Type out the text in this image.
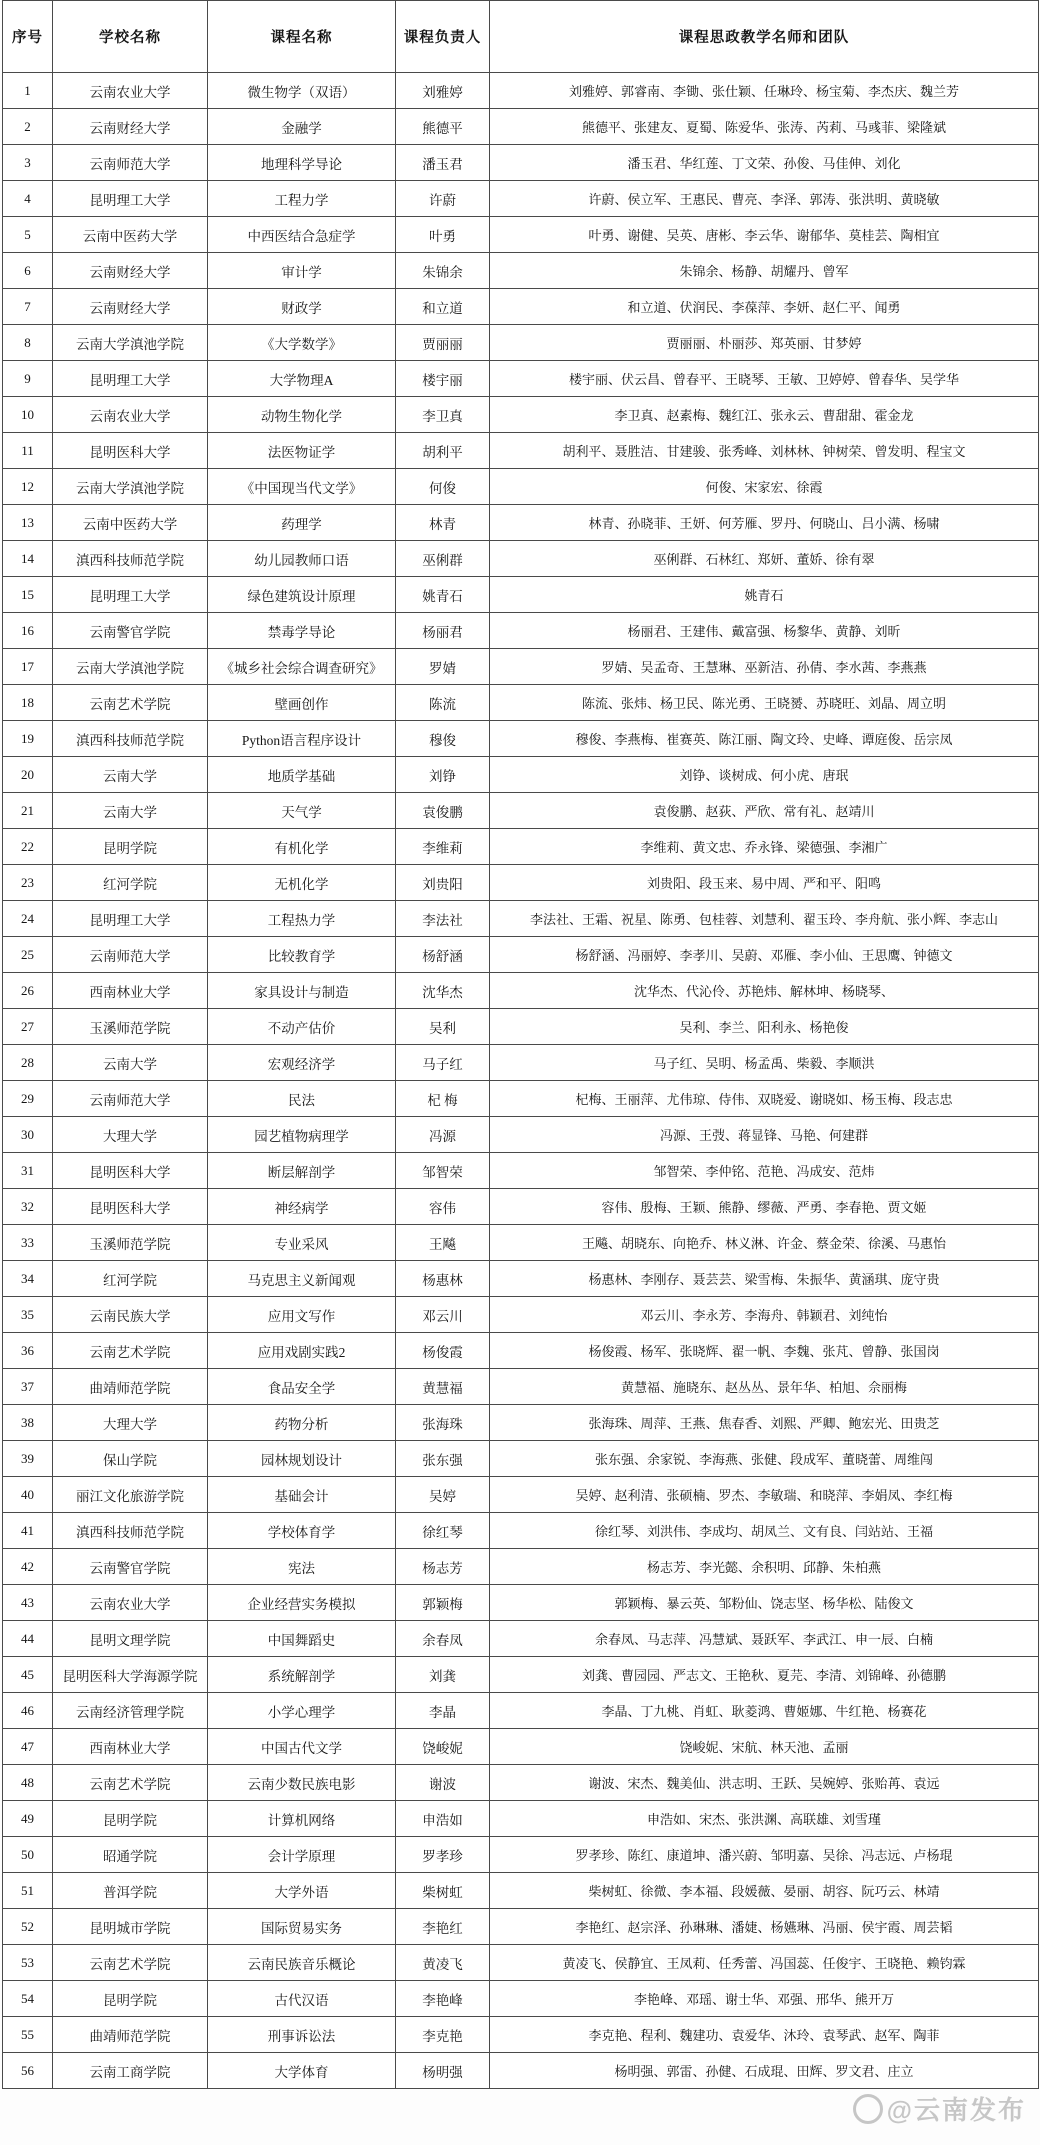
序号	学校名称	课程名称	课程负责人	课程思政教学名师和团队
1	云南农业大学	微生物学（双语）	刘雅婷	刘雅婷、郭睿南、李锄、张仕颖、任琳玲、杨宝菊、李杰庆、魏兰芳
2	云南财经大学	金融学	熊德平	熊德平、张建友、夏蜀、陈爱华、张涛、芮莉、马彧菲、梁隆斌
3	云南师范大学	地理科学导论	潘玉君	潘玉君、华红莲、丁文荣、孙俊、马佳伸、刘化
4	昆明理工大学	工程力学	许蔚	许蔚、侯立军、王惠民、曹亮、李泽、郭涛、张洪明、黄晓敏
5	云南中医药大学	中西医结合急症学	叶勇	叶勇、谢健、吴英、唐彬、李云华、谢郁华、莫桂芸、陶相宜
6	云南财经大学	审计学	朱锦余	朱锦余、杨静、胡耀丹、曾军
7	云南财经大学	财政学	和立道	和立道、伏润民、李葆萍、李妍、赵仁平、闻勇
8	云南大学滇池学院	《大学数学》	贾丽丽	贾丽丽、朴丽莎、郑英丽、甘梦婷
9	昆明理工大学	大学物理A	楼宇丽	楼宇丽、伏云昌、曾春平、王晓琴、王敏、卫婷婷、曾春华、吴学华
10	云南农业大学	动物生物化学	李卫真	李卫真、赵素梅、魏红江、张永云、曹甜甜、霍金龙
11	昆明医科大学	法医物证学	胡利平	胡利平、聂胜洁、甘建骏、张秀峰、刘林林、钟树荣、曾发明、程宝文
12	云南大学滇池学院	《中国现当代文学》	何俊	何俊、宋家宏、徐霞
13	云南中医药大学	药理学	林青	林青、孙晓菲、王妍、何芳雁、罗丹、何晓山、吕小满、杨啸
14	滇西科技师范学院	幼儿园教师口语	巫俐群	巫俐群、石林红、郑妍、董娇、徐有翠
15	昆明理工大学	绿色建筑设计原理	姚青石	姚青石
16	云南警官学院	禁毒学导论	杨丽君	杨丽君、王建伟、戴富强、杨黎华、黄静、刘昕
17	云南大学滇池学院	《城乡社会综合调查研究》	罗婧	罗婧、吴孟奇、王慧琳、巫新洁、孙倩、李水茜、李燕燕
18	云南艺术学院	壁画创作	陈流	陈流、张炜、杨卫民、陈光勇、王晓赟、苏晓旺、刘晶、周立明
19	滇西科技师范学院	Python语言程序设计	穆俊	穆俊、李燕梅、崔赛英、陈江丽、陶文玲、史峰、谭庭俊、岳宗凤
20	云南大学	地质学基础	刘铮	刘铮、谈树成、何小虎、唐珉
21	云南大学	天气学	袁俊鹏	袁俊鹏、赵荻、严欣、常有礼、赵靖川
22	昆明学院	有机化学	李维莉	李维莉、黄文忠、乔永锋、梁德强、李湘广
23	红河学院	无机化学	刘贵阳	刘贵阳、段玉来、易中周、严和平、阳鸣
24	昆明理工大学	工程热力学	李法社	李法社、王霜、祝星、陈勇、包桂蓉、刘慧利、翟玉玲、李舟航、张小辉、李志山
25	云南师范大学	比较教育学	杨舒涵	杨舒涵、冯丽婷、李孝川、吴蔚、邓雁、李小仙、王思鹰、钟德文
26	西南林业大学	家具设计与制造	沈华杰	沈华杰、代沁伶、苏艳炜、解林坤、杨晓琴、
27	玉溪师范学院	不动产估价	吴利	吴利、李兰、阳利永、杨艳俊
28	云南大学	宏观经济学	马子红	马子红、吴明、杨孟禹、柴毅、李顺洪
29	云南师范大学	民法	杞 梅	杞梅、王丽萍、尤伟琼、侍伟、双晓爱、谢晓如、杨玉梅、段志忠
30	大理大学	园艺植物病理学	冯源	冯源、王弢、蒋显锋、马艳、何建群
31	昆明医科大学	断层解剖学	邹智荣	邹智荣、李仲铭、范艳、冯成安、范炜
32	昆明医科大学	神经病学	容伟	容伟、殷梅、王颖、熊静、缪薇、严勇、李春艳、贾文姬
33	玉溪师范学院	专业采风	王飚	王飚、胡晓东、向艳乔、林义淋、许金、蔡金荣、徐溪、马惠怡
34	红河学院	马克思主义新闻观	杨惠林	杨惠林、李刚存、聂芸芸、梁雪梅、朱振华、黄涵琪、庞守贵
35	云南民族大学	应用文写作	邓云川	邓云川、李永芳、李海舟、韩颖君、刘纯怡
36	云南艺术学院	应用戏剧实践2	杨俊霞	杨俊霞、杨军、张晓辉、翟一帆、李魏、张芃、曾静、张国岗
37	曲靖师范学院	食品安全学	黄慧福	黄慧福、施晓东、赵丛丛、景年华、柏旭、佘丽梅
38	大理大学	药物分析	张海珠	张海珠、周萍、王燕、焦春香、刘熙、严卿、鲍宏光、田贵芝
39	保山学院	园林规划设计	张东强	张东强、余家锐、李海燕、张健、段成军、董晓蕾、周维闯
40	丽江文化旅游学院	基础会计	吴婷	吴婷、赵利清、张硕楠、罗杰、李敏瑞、和晓萍、李娟凤、李红梅
41	滇西科技师范学院	学校体育学	徐红琴	徐红琴、刘洪伟、李成均、胡凤兰、文有良、闫站站、王福
42	云南警官学院	宪法	杨志芳	杨志芳、李光懿、余积明、邱静、朱柏燕
43	云南农业大学	企业经营实务模拟	郭颖梅	郭颖梅、暴云英、邹粉仙、饶志坚、杨华松、陆俊文
44	昆明文理学院	中国舞蹈史	余春凤	余春凤、马志萍、冯慧斌、聂跃军、李武江、申一辰、白楠
45	昆明医科大学海源学院	系统解剖学	刘龚	刘龚、曹园园、严志文、王艳秋、夏芫、李清、刘锦峰、孙德鹏
46	云南经济管理学院	小学心理学	李晶	李晶、丁九桃、肖虹、耿菱鸿、曹姬娜、牛红艳、杨赛花
47	西南林业大学	中国古代文学	饶峻妮	饶峻妮、宋航、林天池、孟丽
48	云南艺术学院	云南少数民族电影	谢波	谢波、宋杰、魏美仙、洪志明、王跃、吴婉婷、张贻苒、袁远
49	昆明学院	计算机网络	申浩如	申浩如、宋杰、张洪渊、高联雄、刘雪瑾
50	昭通学院	会计学原理	罗孝珍	罗孝珍、陈红、康道坤、潘兴蔚、邹明嘉、吴徐、冯志远、卢杨琨
51	普洱学院	大学外语	柴树虹	柴树虹、徐微、李本福、段媛薇、晏丽、胡容、阮巧云、林靖
52	昆明城市学院	国际贸易实务	李艳红	李艳红、赵宗泽、孙琳琳、潘婕、杨嬿琳、冯丽、侯宇霞、周芸韬
53	云南艺术学院	云南民族音乐概论	黄凌飞	黄凌飞、侯静宜、王凤莉、任秀蕾、冯国蕊、任俊宇、王晓艳、赖钧霖
54	昆明学院	古代汉语	李艳峰	李艳峰、邓瑶、谢士华、邓强、邢华、熊开万
55	曲靖师范学院	刑事诉讼法	李克艳	李克艳、程利、魏建功、袁爱华、沐玲、袁琴武、赵军、陶菲
56	云南工商学院	大学体育	杨明强	杨明强、郭雷、孙健、石成琨、田辉、罗文君、庄立
@云南发布
